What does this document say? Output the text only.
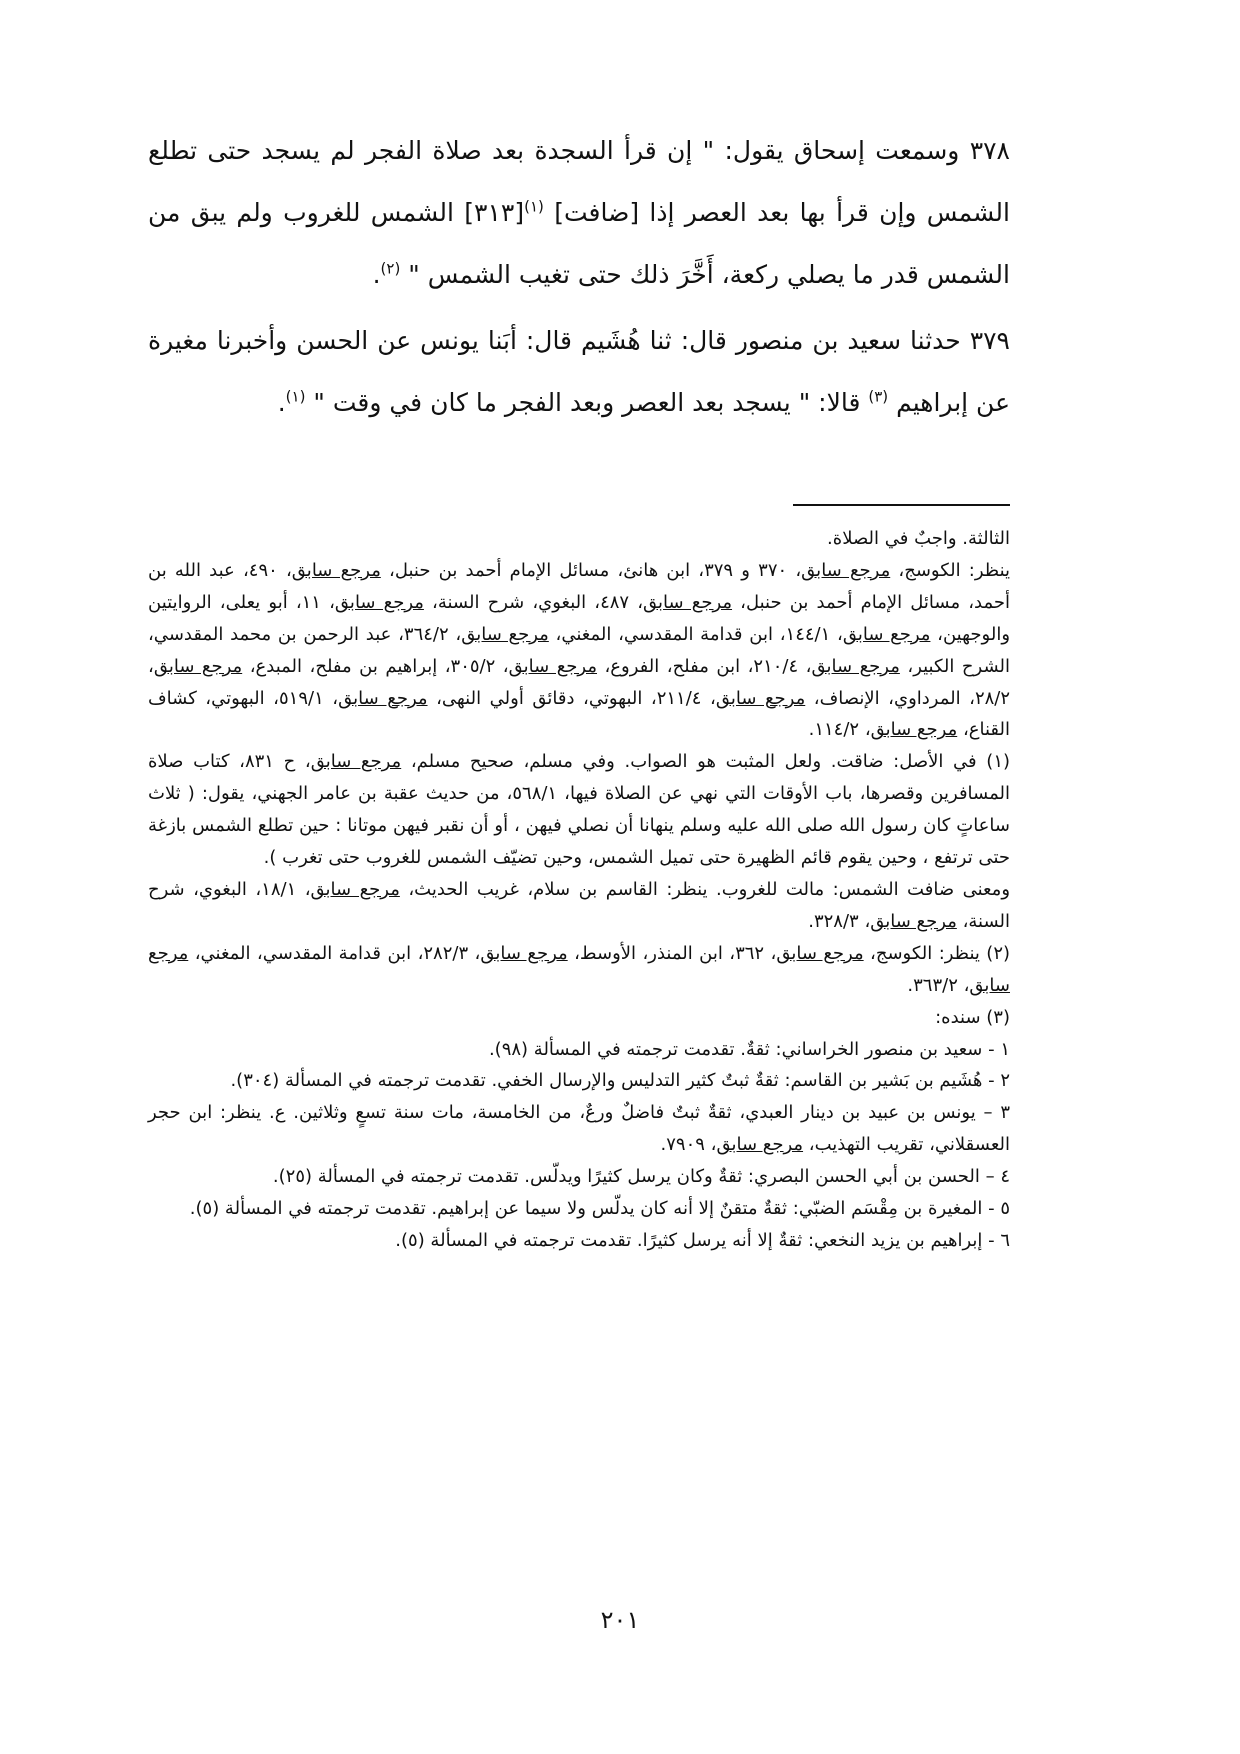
٣٧٨ وسمعت إسحاق يقول: " إن قرأ السجدة بعد صلاة الفجر لم يسجد حتى تطلع الشمس وإن قرأ بها بعد العصر إذا [ضافت] $^{(١)}$[٣١٣] الشمس للغروب ولم يبق من الشمس قدر ما يصلي ركعة، أَخَّرَ ذلك حتى تغيب الشمس " $^{(٢)}$.

٣٧٩ حدثنا سعيد بن منصور قال: ثنا هُشَيم قال: أبَنا يونس عن الحسن وأخبرنا مغيرة عن إبراهيم $^{(٣)}$ قالا: " يسجد بعد العصر وبعد الفجر ما كان في وقت " $^{(١)}$.

الثالثة. واجبٌ في الصلاة.

ينظر: الكوسج، مرجع سابق، ٣٧٠ و ٣٧٩، ابن هانئ، مسائل الإمام أحمد بن حنبل، مرجع سابق، ٤٩٠، عبد الله بن أحمد، مسائل الإمام أحمد بن حنبل، مرجع سابق، ٤٨٧، البغوي، شرح السنة، مرجع سابق، ١١، أبو يعلى، الروايتين والوجهين، مرجع سابق، ١٤٤/١، ابن قدامة المقدسي، المغني، مرجع سابق، ٣٦٤/٢، عبد الرحمن بن محمد المقدسي، الشرح الكبير، مرجع سابق، ٢١٠/٤، ابن مفلح، الفروع، مرجع سابق، ٣٠٥/٢، إبراهيم بن مفلح، المبدع، مرجع سابق، ٢٨/٢، المرداوي، الإنصاف، مرجع سابق، ٢١١/٤، البهوتي، دقائق أولي النهى، مرجع سابق، ٥١٩/١، البهوتي، كشاف القناع، مرجع سابق، ١١٤/٢.

(١) في الأصل: ضاقت. ولعل المثبت هو الصواب. وفي مسلم، صحيح مسلم، مرجع سابق، ح ٨٣١، كتاب صلاة المسافرين وقصرها، باب الأوقات التي نهي عن الصلاة فيها، ٥٦٨/١، من حديث عقبة بن عامر الجهني، يقول: ( ثلاث ساعاتٍ كان رسول الله صلى الله عليه وسلم ينهانا أن نصلي فيهن ، أو أن نقبر فيهن موتانا : حين تطلع الشمس بازغة حتى ترتفع ، وحين يقوم قائم الظهيرة حتى تميل الشمس، وحين تضيّف الشمس للغروب حتى تغرب ).

ومعنى ضافت الشمس: مالت للغروب. ينظر: القاسم بن سلام، غريب الحديث، مرجع سابق، ١٨/١، البغوي، شرح السنة، مرجع سابق، ٣٢٨/٣.

(٢) ينظر: الكوسج، مرجع سابق، ٣٦٢، ابن المنذر، الأوسط، مرجع سابق، ٢٨٢/٣، ابن قدامة المقدسي، المغني، مرجع سابق، ٣٦٣/٢.

(٣) سنده:

١ - سعيد بن منصور الخراساني: ثقةٌ. تقدمت ترجمته في المسألة (٩٨).

٢ - هُشَيم بن بَشير بن القاسم: ثقةٌ ثبتٌ كثير التدليس والإرسال الخفي. تقدمت ترجمته في المسألة (٣٠٤).

٣ – يونس بن عبيد بن دينار العبدي، ثقةٌ ثبتٌ فاضلٌ ورعٌ، من الخامسة، مات سنة تسعٍ وثلاثين. ع. ينظر: ابن حجر العسقلاني، تقريب التهذيب، مرجع سابق، ٧٩٠٩.

٤ – الحسن بن أبي الحسن البصري: ثقةٌ وكان يرسل كثيرًا ويدلّس. تقدمت ترجمته في المسألة (٢٥).

٥ - المغيرة بن مِقْسَم الضبّي: ثقةٌ متقنٌ إلا أنه كان يدلّس ولا سيما عن إبراهيم. تقدمت ترجمته في المسألة (٥).

٦ - إبراهيم بن يزيد النخعي: ثقةٌ إلا أنه يرسل كثيرًا. تقدمت ترجمته في المسألة (٥).

٢٠١
